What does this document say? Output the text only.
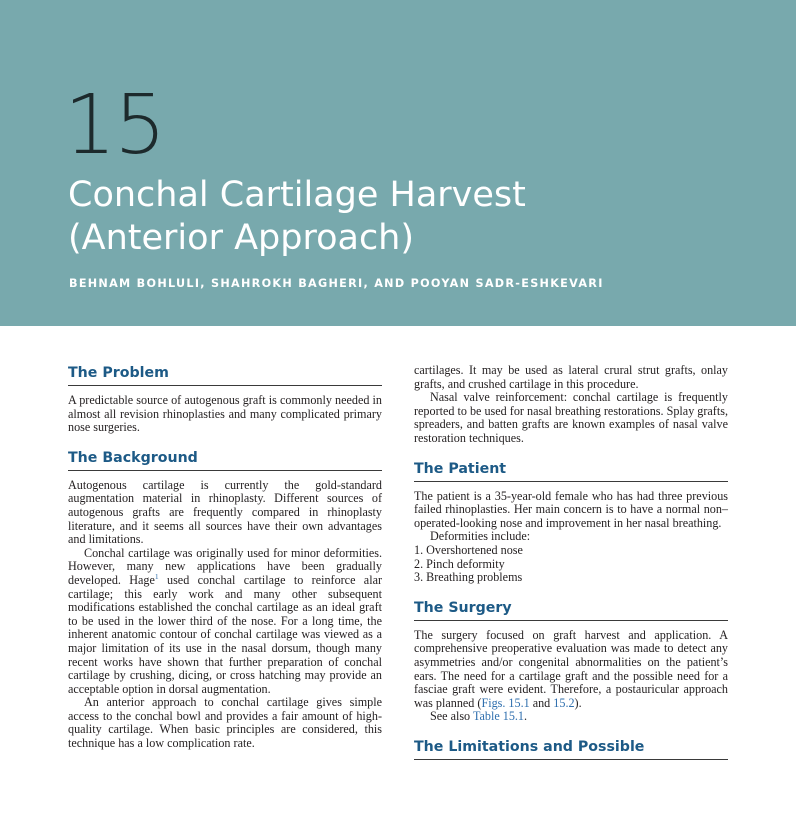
15
Conchal Cartilage Harvest
(Anterior Approach)
BEHNAM BOHLULI, SHAHROKH BAGHERI, AND POOYAN SADR-ESHKEVARI
The Problem

A predictable source of autogenous graft is commonly needed in almost all revision rhinoplasties and many complicated primary nose surgeries.

The Background

Autogenous cartilage is currently the gold-standard augmentation material in rhinoplasty. Different sources of autogenous grafts are frequently compared in rhinoplasty literature, and it seems all sources have their own advantages and limitations.

Conchal cartilage was originally used for minor deformities. However, many new applications have been gradually developed. Hage$^1$ used conchal cartilage to reinforce alar cartilage; this early work and many other subsequent modifications established the conchal cartilage as an ideal graft to be used in the lower third of the nose. For a long time, the inherent anatomic contour of conchal cartilage was viewed as a major limitation of its use in the nasal dorsum, though many recent works have shown that further preparation of conchal cartilage by crushing, dicing, or cross hatching may provide an acceptable option in dorsal augmentation.

An anterior approach to conchal cartilage gives simple access to the conchal bowl and provides a fair amount of high-quality cartilage. When basic principles are considered, this technique has a low complication rate.

cartilages. It may be used as lateral crural strut grafts, onlay grafts, and crushed cartilage in this procedure.

Nasal valve reinforcement: conchal cartilage is frequently reported to be used for nasal breathing restorations. Splay grafts, spreaders, and batten grafts are known examples of nasal valve restoration techniques.

The Patient

The patient is a 35-year-old female who has had three previous failed rhinoplasties. Her main concern is to have a normal non–operated-looking nose and improvement in her nasal breathing.

Deformities include:

1. Overshortened nose
2. Pinch deformity
3. Breathing problems
The Surgery

The surgery focused on graft harvest and application. A comprehensive preoperative evaluation was made to detect any asymmetries and/or congenital abnormalities on the patient’s ears. The need for a cartilage graft and the possible need for a fasciae graft were evident. Therefore, a postauricular approach was planned (Figs. 15.1 and 15.2).

See also Table 15.1.

The Limitations and Possible
